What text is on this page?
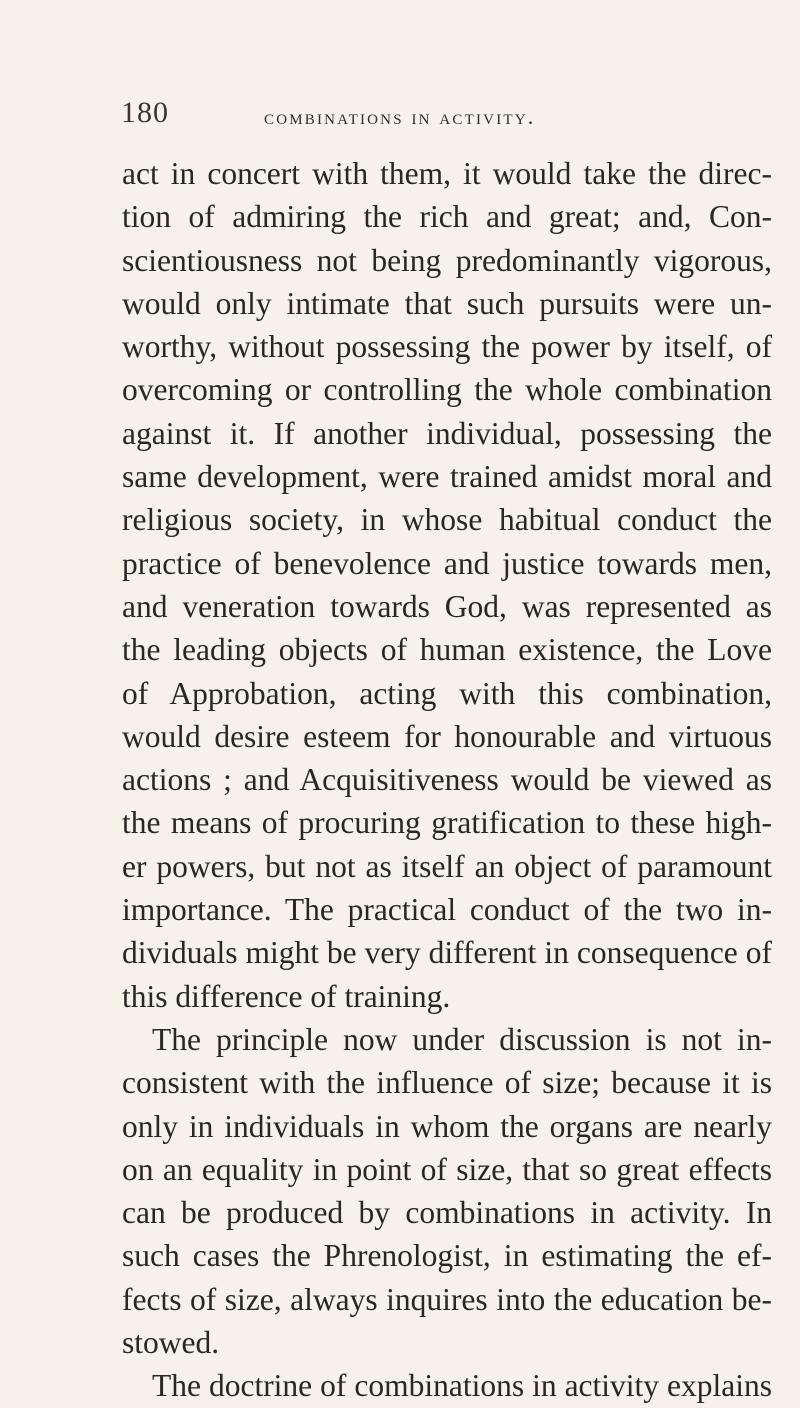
180	combinations in activity.
act in concert with them, it would take the direc-
tion of admiring the rich and great; and, Con-
scientiousness not being predominantly vigorous,
would only intimate that such pursuits were un-
worthy, without possessing the power by itself, of
overcoming or controlling the whole combination
against it. If another individual, possessing the
same development, were trained amidst moral and
religious society, in whose habitual conduct the
practice of benevolence and justice towards men,
and veneration towards God, was represented as
the leading objects of human existence, the Love
of Approbation, acting with this combination,
would desire esteem for honourable and virtuous
actions ; and Acquisitiveness would be viewed as
the means of procuring gratification to these high-
er powers, but not as itself an object of paramount
importance. The practical conduct of the two in-
dividuals might be very different in consequence of
this difference of training.
The principle now under discussion is not in-
consistent with the influence of size; because it is
only in individuals in whom the organs are nearly
on an equality in point of size, that so great effects
can be produced by combinations in activity. In
such cases the Phrenologist, in estimating the ef-
fects of size, always inquires into the education be-
stowed.
The doctrine of combinations in activity explains
